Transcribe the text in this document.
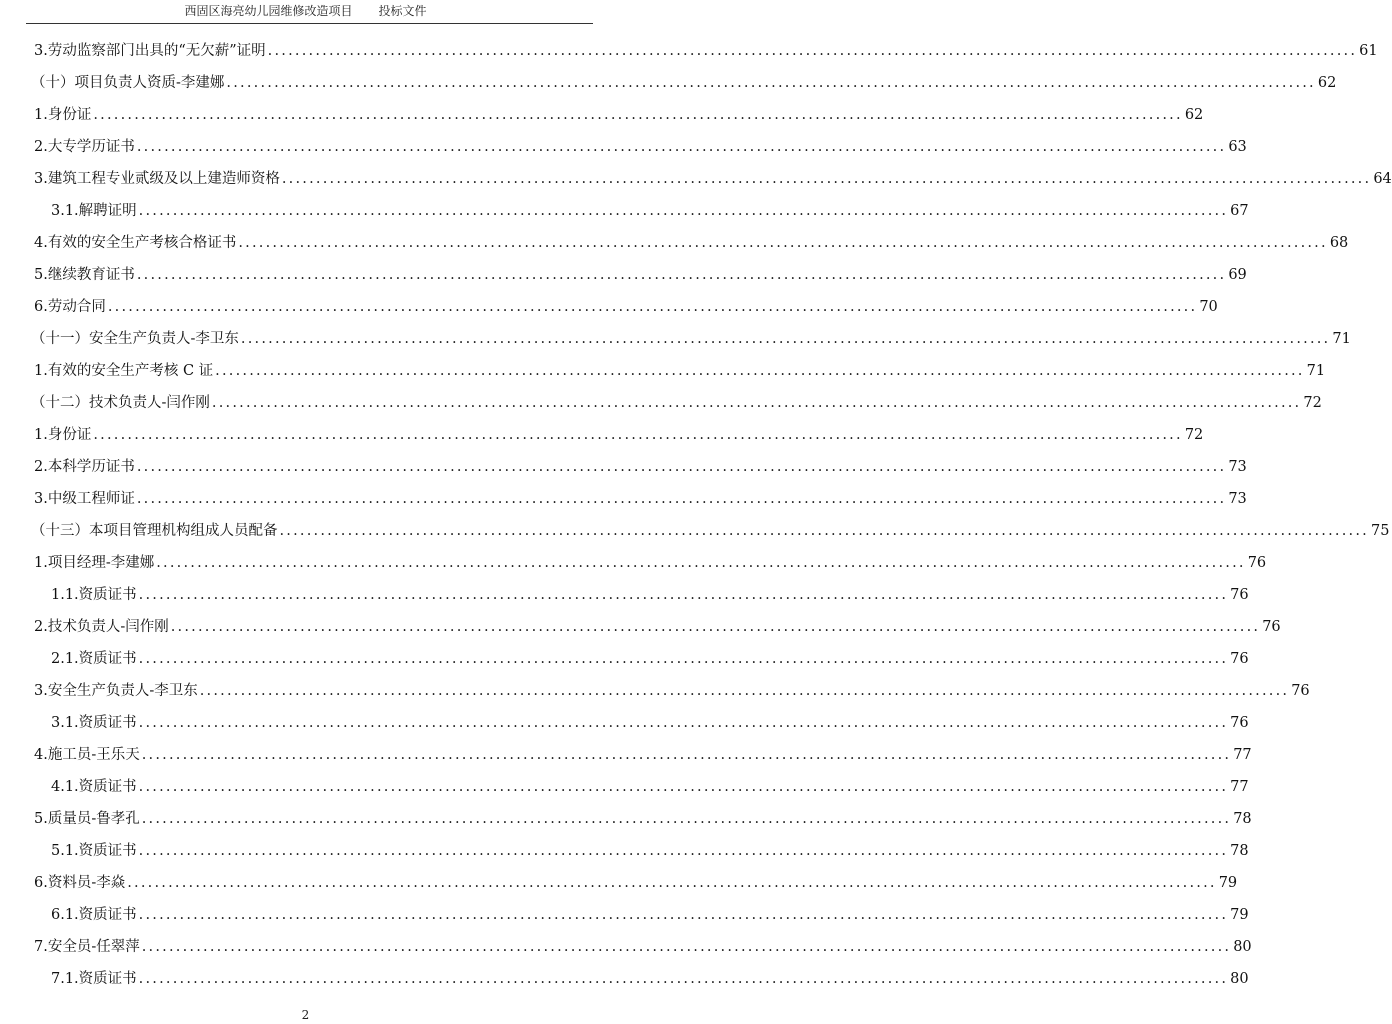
西固区海亮幼儿园维修改造项目 投标文件
3.劳动监察部门出具的“无欠薪”证明 ................................................................................................................................................................ 61
（十）项目负责人资质-李建娜 ................................................................................................................................................................ 62
1.身份证 ................................................................................................................................................................ 62
2.大专学历证书 ................................................................................................................................................................ 63
3.建筑工程专业贰级及以上建造师资格 ................................................................................................................................................................ 64
3.1.解聘证明 ................................................................................................................................................................ 67
4.有效的安全生产考核合格证书 ................................................................................................................................................................ 68
5.继续教育证书 ................................................................................................................................................................ 69
6.劳动合同 ................................................................................................................................................................ 70
（十一）安全生产负责人-李卫东 ................................................................................................................................................................ 71
1.有效的安全生产考核 C 证 ................................................................................................................................................................ 71
（十二）技术负责人-闫作刚 ................................................................................................................................................................ 72
1.身份证 ................................................................................................................................................................ 72
2.本科学历证书 ................................................................................................................................................................ 73
3.中级工程师证 ................................................................................................................................................................ 73
（十三）本项目管理机构组成人员配备 ................................................................................................................................................................ 75
1.项目经理-李建娜 ................................................................................................................................................................ 76
1.1.资质证书 ................................................................................................................................................................ 76
2.技术负责人-闫作刚 ................................................................................................................................................................ 76
2.1.资质证书 ................................................................................................................................................................ 76
3.安全生产负责人-李卫东 ................................................................................................................................................................ 76
3.1.资质证书 ................................................................................................................................................................ 76
4.施工员-王乐天 ................................................................................................................................................................ 77
4.1.资质证书 ................................................................................................................................................................ 77
5.质量员-鲁孝孔 ................................................................................................................................................................ 78
5.1.资质证书 ................................................................................................................................................................ 78
6.资料员-李焱 ................................................................................................................................................................ 79
6.1.资质证书 ................................................................................................................................................................ 79
7.安全员-任翠萍 ................................................................................................................................................................ 80
7.1.资质证书 ................................................................................................................................................................ 80
2
